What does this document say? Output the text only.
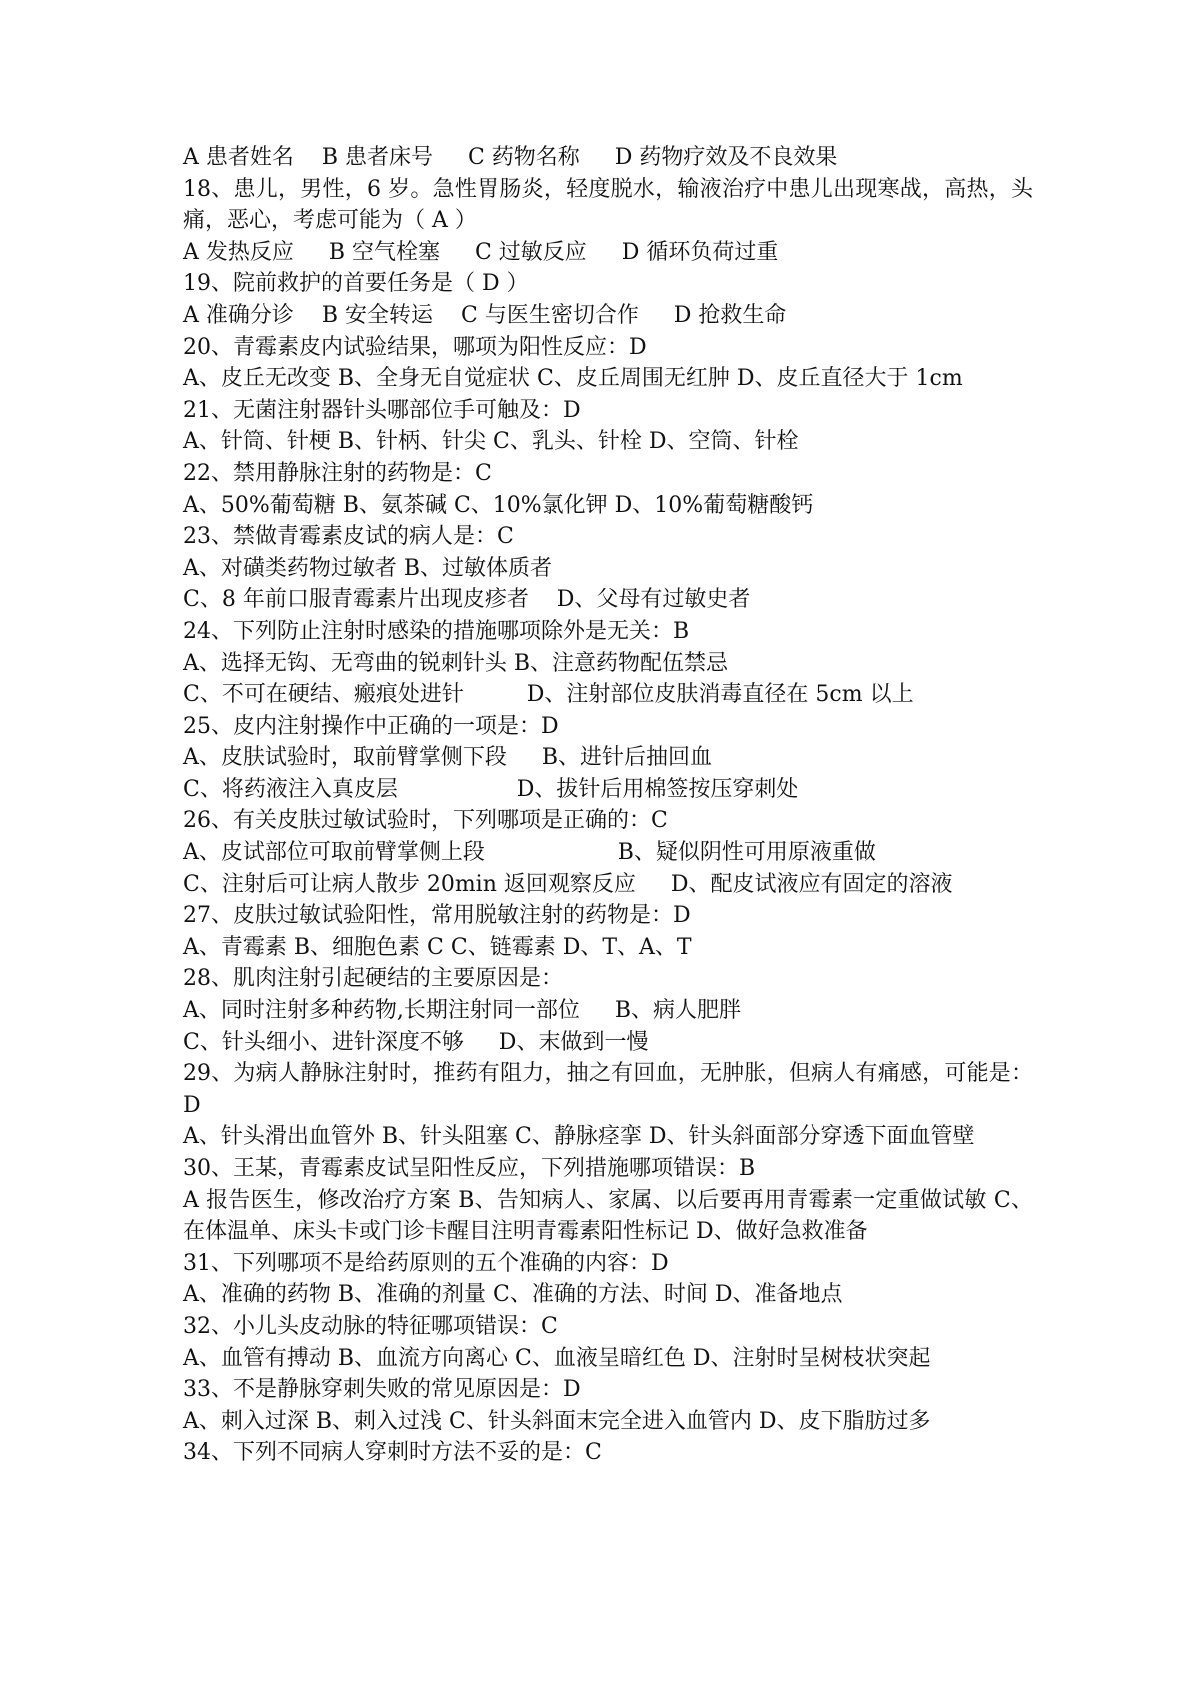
A 患者姓名    B 患者床号     C 药物名称     D 药物疗效及不良效果
18、患儿，男性，6 岁。急性胃肠炎，轻度脱水，输液治疗中患儿出现寒战，高热，头痛，恶心，考虑可能为（ A ）
A 发热反应     B 空气栓塞     C 过敏反应     D 循环负荷过重
19、院前救护的首要任务是（ D ）
A 准确分诊    B 安全转运    C 与医生密切合作     D 抢救生命
20、青霉素皮内试验结果，哪项为阳性反应：D
A、皮丘无改变 B、全身无自觉症状 C、皮丘周围无红肿 D、皮丘直径大于 1cm
21、无菌注射器针头哪部位手可触及：D
A、针筒、针梗 B、针柄、针尖 C、乳头、针栓 D、空筒、针栓
22、禁用静脉注射的药物是：C
A、50%葡萄糖 B、氨茶碱 C、10%氯化钾 D、10%葡萄糖酸钙
23、禁做青霉素皮试的病人是：C
A、对磺类药物过敏者 B、过敏体质者
C、8 年前口服青霉素片出现皮疹者    D、父母有过敏史者
24、下列防止注射时感染的措施哪项除外是无关：B
A、选择无钩、无弯曲的锐刺针头 B、注意药物配伍禁忌
C、不可在硬结、瘢痕处进针         D、注射部位皮肤消毒直径在 5cm 以上
25、皮内注射操作中正确的一项是：D
A、皮肤试验时，取前臂掌侧下段     B、进针后抽回血
C、将药液注入真皮层                 D、拔针后用棉签按压穿刺处
26、有关皮肤过敏试验时，下列哪项是正确的：C
A、皮试部位可取前臂掌侧上段                   B、疑似阴性可用原液重做
C、注射后可让病人散步 20min 返回观察反应     D、配皮试液应有固定的溶液
27、皮肤过敏试验阳性，常用脱敏注射的药物是：D
A、青霉素 B、细胞色素 C C、链霉素 D、T、A、T
28、肌肉注射引起硬结的主要原因是：
A、同时注射多种药物,长期注射同一部位     B、病人肥胖
C、针头细小、进针深度不够     D、末做到一慢
29、为病人静脉注射时，推药有阻力，抽之有回血，无肿胀，但病人有痛感，可能是：D
A、针头滑出血管外 B、针头阻塞 C、静脉痉挛 D、针头斜面部分穿透下面血管壁
30、王某，青霉素皮试呈阳性反应，下列措施哪项错误：B
A 报告医生，修改治疗方案 B、告知病人、家属、以后要再用青霉素一定重做试敏 C、在体温单、床头卡或门诊卡醒目注明青霉素阳性标记 D、做好急救准备
31、下列哪项不是给药原则的五个准确的内容：D
A、准确的药物 B、准确的剂量 C、准确的方法、时间 D、准备地点
32、小儿头皮动脉的特征哪项错误：C
A、血管有搏动 B、血流方向离心 C、血液呈暗红色 D、注射时呈树枝状突起
33、不是静脉穿刺失败的常见原因是：D
A、刺入过深 B、刺入过浅 C、针头斜面末完全进入血管内 D、皮下脂肪过多
34、下列不同病人穿刺时方法不妥的是：C
